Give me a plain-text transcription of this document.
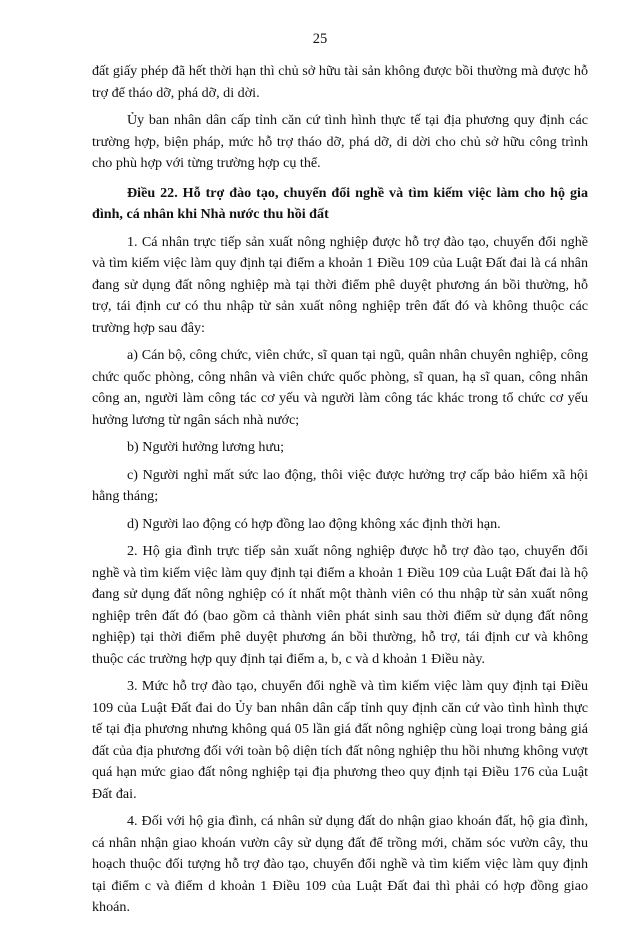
25

đất giấy phép đã hết thời hạn thì chủ sở hữu tài sản không được bồi thường mà được hỗ trợ để tháo dỡ, phá dỡ, di dời.

Ủy ban nhân dân cấp tỉnh căn cứ tình hình thực tế tại địa phương quy định các trường hợp, biện pháp, mức hỗ trợ tháo dỡ, phá dỡ, di dời cho chủ sở hữu công trình cho phù hợp với từng trường hợp cụ thể.

Điều 22. Hỗ trợ đào tạo, chuyển đổi nghề và tìm kiếm việc làm cho hộ gia đình, cá nhân khi Nhà nước thu hồi đất

1. Cá nhân trực tiếp sản xuất nông nghiệp được hỗ trợ đào tạo, chuyển đổi nghề và tìm kiếm việc làm quy định tại điểm a khoản 1 Điều 109 của Luật Đất đai là cá nhân đang sử dụng đất nông nghiệp mà tại thời điểm phê duyệt phương án bồi thường, hỗ trợ, tái định cư có thu nhập từ sản xuất nông nghiệp trên đất đó và không thuộc các trường hợp sau đây:

a) Cán bộ, công chức, viên chức, sĩ quan tại ngũ, quân nhân chuyên nghiệp, công chức quốc phòng, công nhân và viên chức quốc phòng, sĩ quan, hạ sĩ quan, công nhân công an, người làm công tác cơ yếu và người làm công tác khác trong tổ chức cơ yếu hưởng lương từ ngân sách nhà nước;

b) Người hưởng lương hưu;

c) Người nghỉ mất sức lao động, thôi việc được hưởng trợ cấp bảo hiểm xã hội hằng tháng;

d) Người lao động có hợp đồng lao động không xác định thời hạn.

2. Hộ gia đình trực tiếp sản xuất nông nghiệp được hỗ trợ đào tạo, chuyển đổi nghề và tìm kiếm việc làm quy định tại điểm a khoản 1 Điều 109 của Luật Đất đai là hộ đang sử dụng đất nông nghiệp có ít nhất một thành viên có thu nhập từ sản xuất nông nghiệp trên đất đó (bao gồm cả thành viên phát sinh sau thời điểm sử dụng đất nông nghiệp) tại thời điểm phê duyệt phương án bồi thường, hỗ trợ, tái định cư và không thuộc các trường hợp quy định tại điểm a, b, c và d khoản 1 Điều này.

3. Mức hỗ trợ đào tạo, chuyển đổi nghề và tìm kiếm việc làm quy định tại Điều 109 của Luật Đất đai do Ủy ban nhân dân cấp tỉnh quy định căn cứ vào tình hình thực tế tại địa phương nhưng không quá 05 lần giá đất nông nghiệp cùng loại trong bảng giá đất của địa phương đối với toàn bộ diện tích đất nông nghiệp thu hồi nhưng không vượt quá hạn mức giao đất nông nghiệp tại địa phương theo quy định tại Điều 176 của Luật Đất đai.

4. Đối với hộ gia đình, cá nhân sử dụng đất do nhận giao khoán đất, hộ gia đình, cá nhân nhận giao khoán vườn cây sử dụng đất để trồng mới, chăm sóc vườn cây, thu hoạch thuộc đối tượng hỗ trợ đào tạo, chuyển đổi nghề và tìm kiếm việc làm quy định tại điểm c và điểm d khoản 1 Điều 109 của Luật Đất đai thì phải có hợp đồng giao khoán.
